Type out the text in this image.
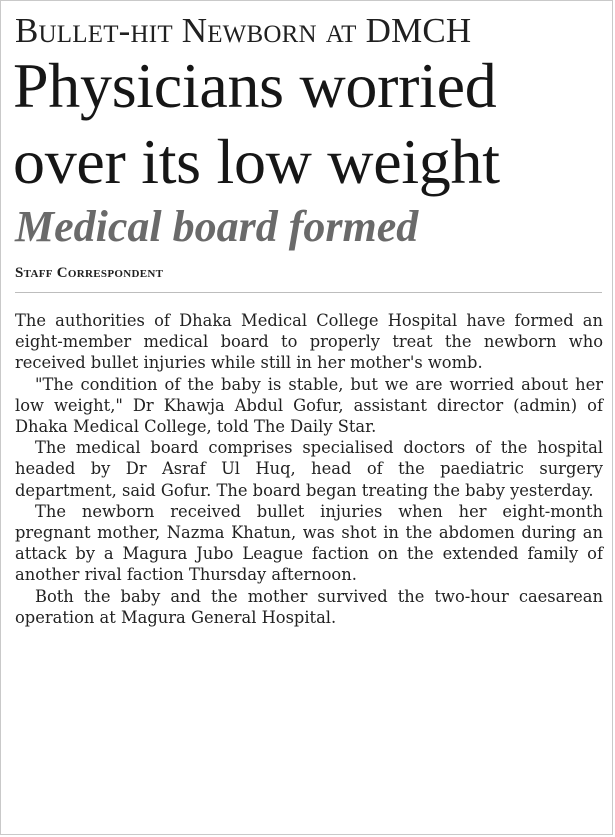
Bullet-hit Newborn at DMCH
Physicians worried
over its low weight
Medical board formed
Staff Correspondent

The authorities of Dhaka Medical College Hospital have formed an eight-member medical board to properly treat the newborn who received bullet injuries while still in her mother's womb.

"The condition of the baby is stable, but we are worried about her low weight," Dr Khawja Abdul Gofur, assistant director (admin) of Dhaka Medical College, told The Daily Star.

The medical board comprises specialised doctors of the hospital headed by Dr Asraf Ul Huq, head of the paediatric surgery department, said Gofur. The board began treating the baby yesterday.

The newborn received bullet injuries when her eight-month pregnant mother, Nazma Khatun, was shot in the abdomen during an attack by a Magura Jubo League faction on the extended family of another rival faction Thursday afternoon.

Both the baby and the mother survived the two-hour caesarean operation at Magura General Hospital.
